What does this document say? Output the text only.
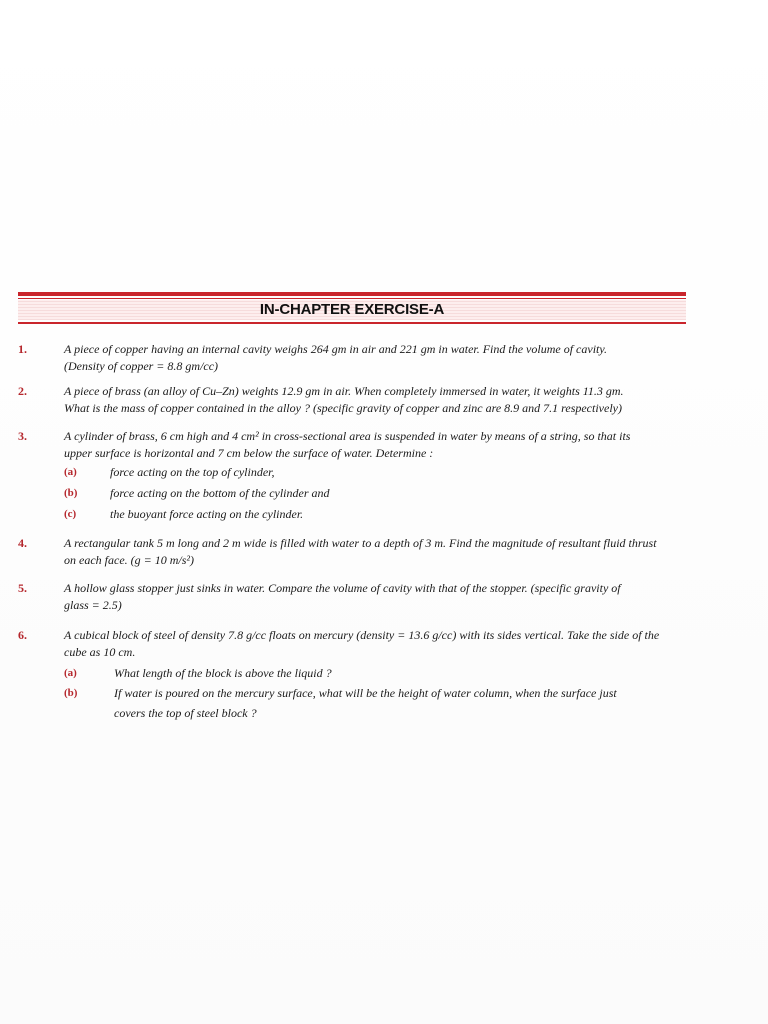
IN-CHAPTER EXERCISE-A
1.	A piece of copper having an internal cavity weighs 264 gm in air and 221 gm in water. Find the volume of cavity.
(Density of copper = 8.8 gm/cc)
2.	A piece of brass (an alloy of Cu–Zn) weights 12.9 gm in air. When completely immersed in water, it weights 11.3 gm.
What is the mass of copper contained in the alloy ? (specific gravity of copper and zinc are 8.9 and 7.1 respectively)
3.	A cylinder of brass, 6 cm high and 4 cm² in cross-sectional area is suspended in water by means of a string, so that its
upper surface is horizontal and 7 cm below the surface of water. Determine :
(a)	force acting on the top of cylinder,
(b)	force acting on the bottom of the cylinder and
(c)	the buoyant force acting on the cylinder.
4.	A rectangular tank 5 m long and 2 m wide is filled with water to a depth of 3 m. Find the magnitude of resultant fluid thrust
on each face. (g = 10 m/s²)
5.	A hollow glass stopper just sinks in water. Compare the volume of cavity with that of the stopper. (specific gravity of
glass = 2.5)
6.	A cubical block of steel of density 7.8 g/cc floats on mercury (density = 13.6 g/cc) with its sides vertical. Take the side of the
cube as 10 cm.
(a)	What length of the block is above the liquid ?
(b)	If water is poured on the mercury surface, what will be the height of water column, when the surface just
covers the top of steel block ?
